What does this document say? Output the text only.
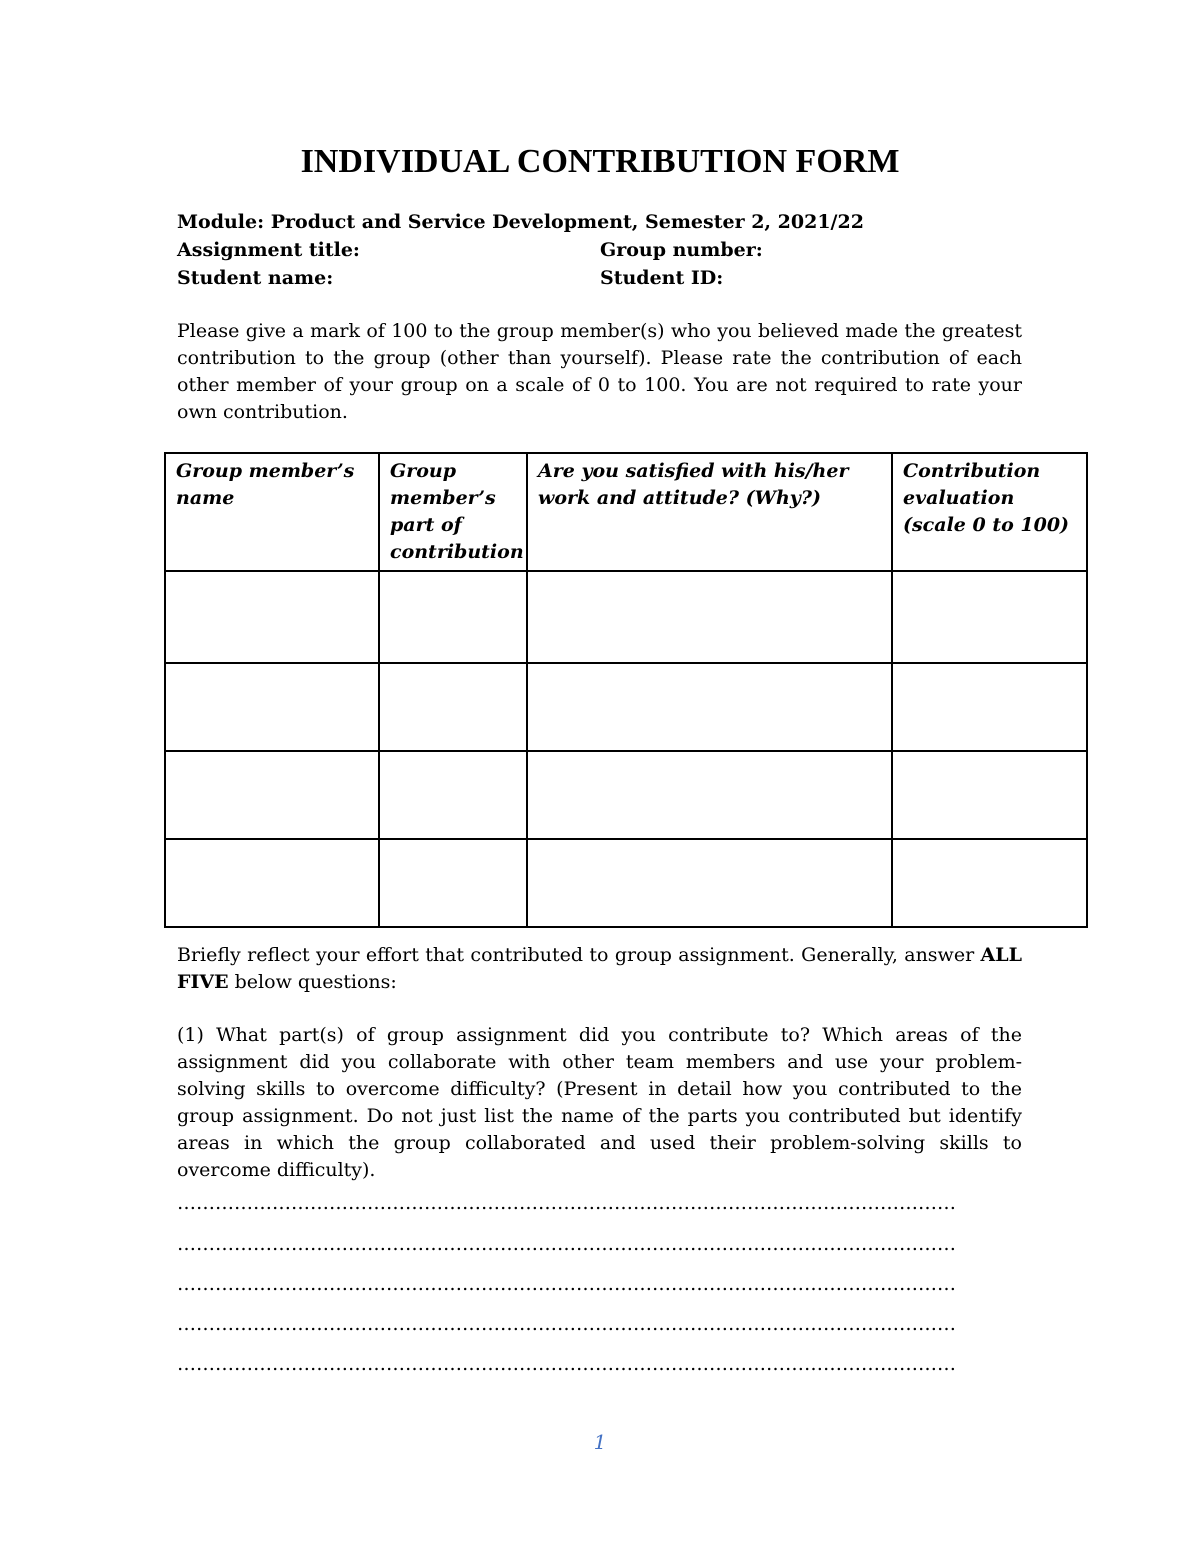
INDIVIDUAL CONTRIBUTION FORM
Module: Product and Service Development, Semester 2, 2021/22
Assignment title:	Group number:
Student name:	Student ID:
Please give a mark of 100 to the group member(s) who you believed made the greatest contribution to the group (other than yourself). Please rate the contribution of each other member of your group on a scale of 0 to 100. You are not required to rate your own contribution.
Group member’s name	Group member’s part of contribution	Are you satisfied with his/her work and attitude? (Why?)	Contribution evaluation (scale 0 to 100)

Briefly reflect your effort that contributed to group assignment. Generally, answer ALL FIVE below questions:
(1) What part(s) of group assignment did you contribute to? Which areas of the assignment did you collaborate with other team members and use your problem-solving skills to overcome difficulty? (Present in detail how you contributed to the group assignment. Do not just list the name of the parts you contributed but identify areas in which the group collaborated and used their problem-solving skills to overcome difficulty).
……………………………………………………………………………………………………………
……………………………………………………………………………………………………………
……………………………………………………………………………………………………………
……………………………………………………………………………………………………………
……………………………………………………………………………………………………………
1
